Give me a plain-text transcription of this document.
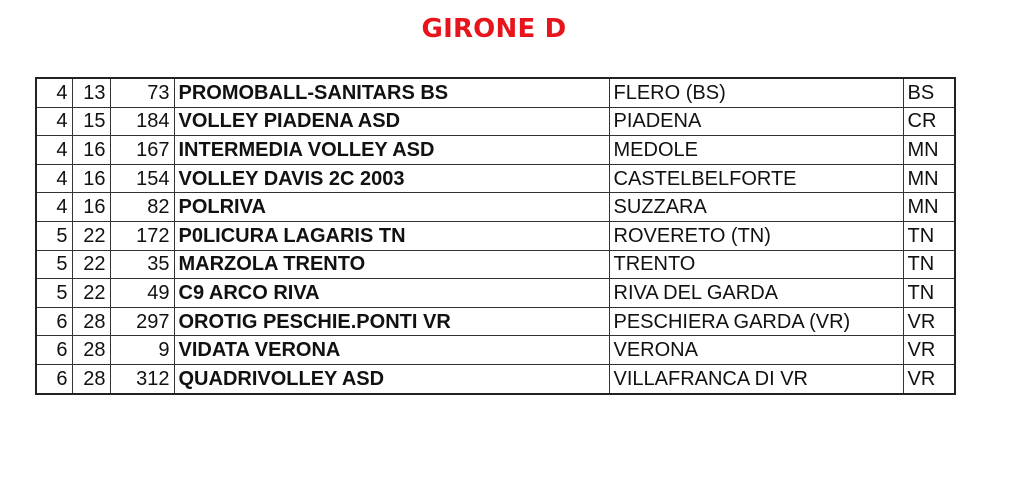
GIRONE D
4	13	73	PROMOBALL-SANITARS BS	FLERO (BS)	BS
4	15	184	VOLLEY PIADENA ASD	PIADENA	CR
4	16	167	INTERMEDIA VOLLEY ASD	MEDOLE	MN
4	16	154	VOLLEY DAVIS 2C 2003	CASTELBELFORTE	MN
4	16	82	POLRIVA	SUZZARA	MN
5	22	172	P0LICURA LAGARIS TN	ROVERETO (TN)	TN
5	22	35	MARZOLA TRENTO	TRENTO	TN
5	22	49	C9 ARCO RIVA	RIVA DEL GARDA	TN
6	28	297	OROTIG PESCHIE.PONTI VR	PESCHIERA GARDA (VR)	VR
6	28	9	VIDATA VERONA	VERONA	VR
6	28	312	QUADRIVOLLEY ASD	VILLAFRANCA DI VR	VR
